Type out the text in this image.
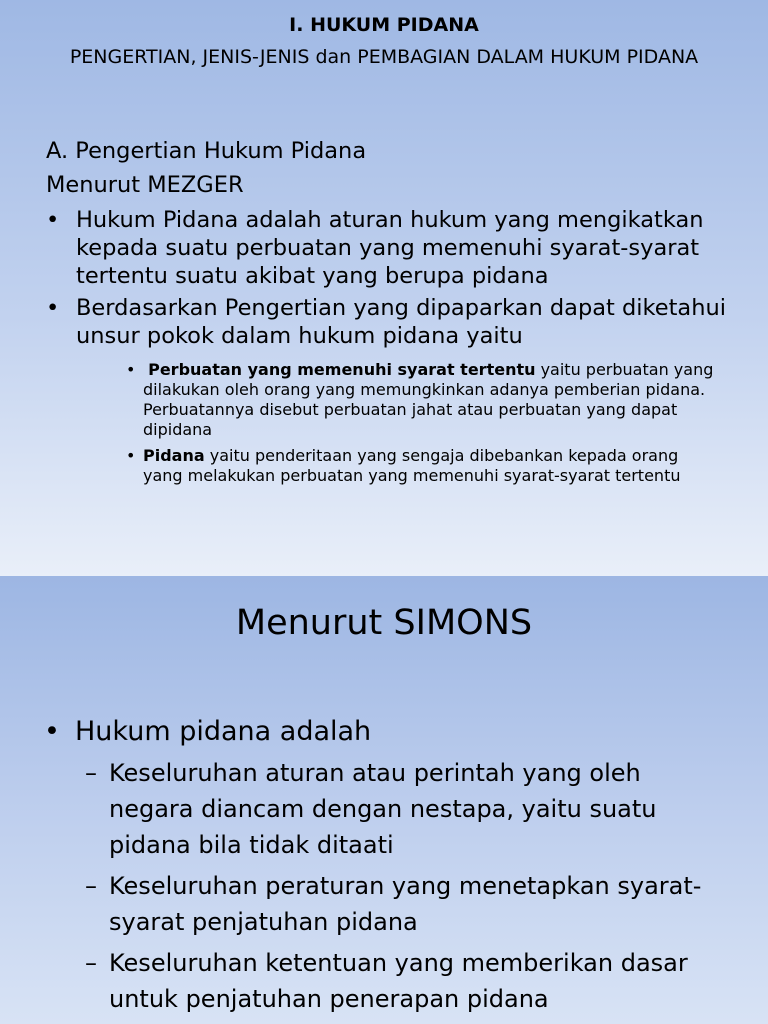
I. HUKUM PIDANA
PENGERTIAN, JENIS-JENIS dan PEMBAGIAN DALAM HUKUM PIDANA

A. Pengertian Hukum Pidana

Menurut MEZGER

• Hukum Pidana adalah aturan hukum yang mengikatkan kepada suatu perbuatan yang memenuhi syarat-syarat tertentu suatu akibat yang berupa pidana
• Berdasarkan Pengertian yang dipaparkan dapat diketahui unsur pokok dalam hukum pidana yaitu
• Perbuatan yang memenuhi syarat tertentu yaitu perbuatan yang dilakukan oleh orang yang memungkinkan adanya pemberian pidana. Perbuatannya disebut perbuatan jahat atau perbuatan yang dapat dipidana
• Pidana yaitu penderitaan yang sengaja dibebankan kepada orang yang melakukan perbuatan yang memenuhi syarat-syarat tertentu
Menurut SIMONS
• Hukum pidana adalah
– Keseluruhan aturan atau perintah yang oleh negara diancam dengan nestapa, yaitu suatu pidana bila tidak ditaati
– Keseluruhan peraturan yang menetapkan syarat-syarat penjatuhan pidana
– Keseluruhan ketentuan yang memberikan dasar untuk penjatuhan penerapan pidana
